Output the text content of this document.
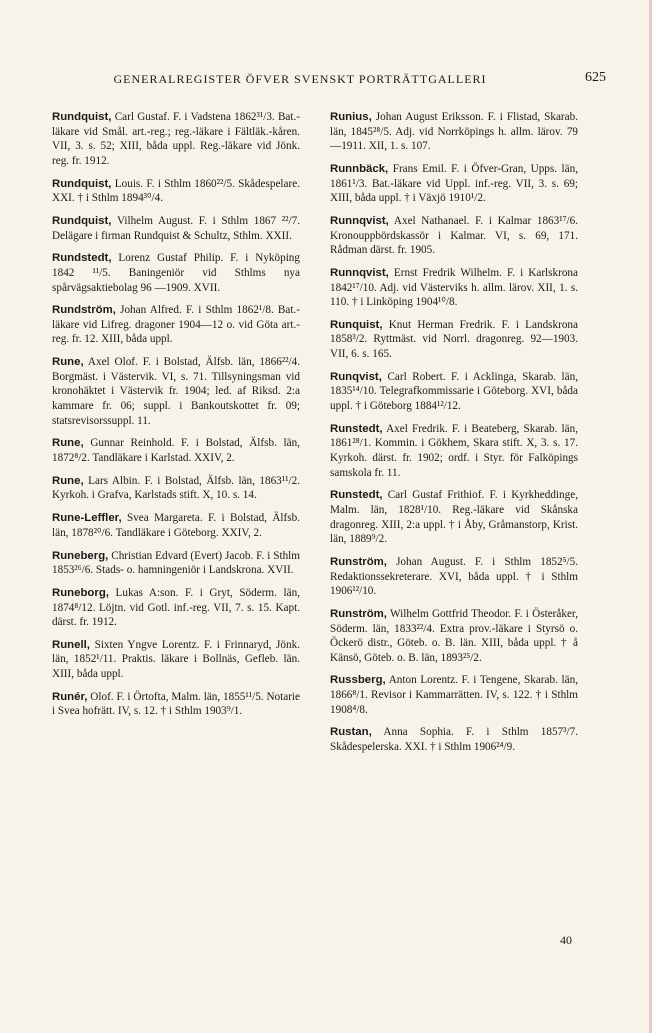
GENERALREGISTER ÖFVER SVENSKT PORTRÄTTGALLERI	625

Rundquist, Carl Gustaf. F. i Vadstena 1862³¹/3. Bat.-läkare vid Smål. art.-reg.; reg.-läkare i Fältläk.-kåren. VII, 3. s. 52; XIII, båda uppl. Reg.-läkare vid Jönk. reg. fr. 1912.

Rundquist, Louis. F. i Sthlm 1860²²/5. Skådespelare. XXI. † i Sthlm 1894³⁰/4.

Rundquist, Vilhelm August. F. i Sthlm 1867 ²²/7. Delägare i firman Rundquist & Schultz, Sthlm. XXII.

Rundstedt, Lorenz Gustaf Philip. F. i Nyköping 1842 ¹¹/5. Baningeniör vid Sthlms nya spårvägsaktiebolag 96 —1909. XVII.

Rundström, Johan Alfred. F. i Sthlm 1862¹/8. Bat.-läkare vid Lifreg. dragoner 1904—12 o. vid Göta art.-reg. fr. 12. XIII, båda uppl.

Rune, Axel Olof. F. i Bolstad, Älfsb. län, 1866²²/4. Borgmäst. i Västervik. VI, s. 71. Tillsyningsman vid kronohäktet i Västervik fr. 1904; led. af Riksd. 2:a kammare fr. 06; suppl. i Bankoutskottet fr. 09; statsrevisorssuppl. 11.

Rune, Gunnar Reinhold. F. i Bolstad, Älfsb. län, 1872⁸/2. Tandläkare i Karlstad. XXIV, 2.

Rune, Lars Albin. F. i Bolstad, Älfsb. län, 1863¹¹/2. Kyrkoh. i Grafva, Karlstads stift. X, 10. s. 14.

Rune-Leffler, Svea Margareta. F. i Bolstad, Älfsb. län, 1878²⁰/6. Tandläkare i Göteborg. XXIV, 2.

Runeberg, Christian Edvard (Evert) Jacob. F. i Sthlm 1853²⁶/6. Stads- o. hamningeniör i Landskrona. XVII.

Runeborg, Lukas A:son. F. i Gryt, Söderm. län, 1874⁸/12. Löjtn. vid Gotl. inf.-reg. VII, 7. s. 15. Kapt. därst. fr. 1912.

Runell, Sixten Yngve Lorentz. F. i Frinnaryd, Jönk. län, 1852¹/11. Praktis. läkare i Bollnäs, Gefleb. län. XIII, båda uppl.

Runér, Olof. F. i Örtofta, Malm. län, 1855¹¹/5. Notarie i Svea hofrätt. IV, s. 12. † i Sthlm 1903⁹/1.

Runius, Johan August Eriksson. F. i Flistad, Skarab. län, 1845²⁸/5. Adj. vid Norrköpings h. allm. lärov. 79—1911. XII, 1. s. 107.

Runnbäck, Frans Emil. F. i Öfver-Gran, Upps. län, 1861¹/3. Bat.-läkare vid Uppl. inf.-reg. VII, 3. s. 69; XIII, båda uppl. † i Växjö 1910¹/2.

Runnqvist, Axel Nathanael. F. i Kalmar 1863¹⁷/6. Kronouppbördskassör i Kalmar. VI, s. 69, 171. Rådman därst. fr. 1905.

Runnqvist, Ernst Fredrik Wilhelm. F. i Karlskrona 1842¹⁷/10. Adj. vid Västerviks h. allm. lärov. XII, 1. s. 110. † i Linköping 1904¹⁰/8.

Runquist, Knut Herman Fredrik. F. i Landskrona 1858³/2. Ryttmäst. vid Norrl. dragonreg. 92—1903. VII, 6. s. 165.

Runqvist, Carl Robert. F. i Acklinga, Skarab. län, 1835¹⁴/10. Telegrafkommissarie i Göteborg. XVI, båda uppl. † i Göteborg 1884¹²/12.

Runstedt, Axel Fredrik. F. i Beateberg, Skarab. län, 1861²⁸/1. Kommin. i Gökhem, Skara stift. X, 3. s. 17. Kyrkoh. därst. fr. 1902; ordf. i Styr. för Falköpings samskola fr. 11.

Runstedt, Carl Gustaf Frithiof. F. i Kyrkheddinge, Malm. län, 1828¹/10. Reg.-läkare vid Skånska dragonreg. XIII, 2:a uppl. † i Åby, Gråmanstorp, Krist. län, 1889⁹/2.

Runström, Johan August. F. i Sthlm 1852⁵/5. Redaktionssekreterare. XVI, båda uppl. † i Sthlm 1906¹²/10.

Runström, Wilhelm Gottfrid Theodor. F. i Österåker, Söderm. län, 1833²²/4. Extra prov.-läkare i Styrsö o. Öckerö distr., Göteb. o. B. län. XIII, båda uppl. † å Känsö, Göteb. o. B. län, 1893²⁵/2.

Russberg, Anton Lorentz. F. i Tengene, Skarab. län, 1866⁸/1. Revisor i Kammarrätten. IV, s. 122. † i Sthlm 1908⁴/8.

Rustan, Anna Sophia. F. i Sthlm 1857³/7. Skådespelerska. XXI. † i Sthlm 1906²⁴/9.

40
